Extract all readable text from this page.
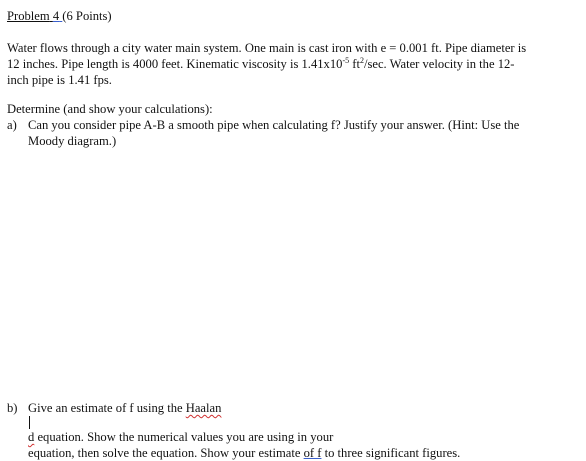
Problem 4 (6 Points)
Water flows through a city water main system. One main is cast iron with e = 0.001 ft. Pipe diameter is
12 inches. Pipe length is 4000 feet. Kinematic viscosity is $1.41x10^{-5}$ $ft^2/\sec$. Water velocity in the 12-
inch pipe is 1.41 fps.
Determine (and show your calculations):
a) Can you consider pipe A-B a smooth pipe when calculating f? Justify your answer. (Hint: Use the
Moody diagram.)
b) Give an estimate of f using the Haalan
d equation. Show the numerical values you are using in your
equation, then solve the equation. Show your estimate of f to three significant figures.
